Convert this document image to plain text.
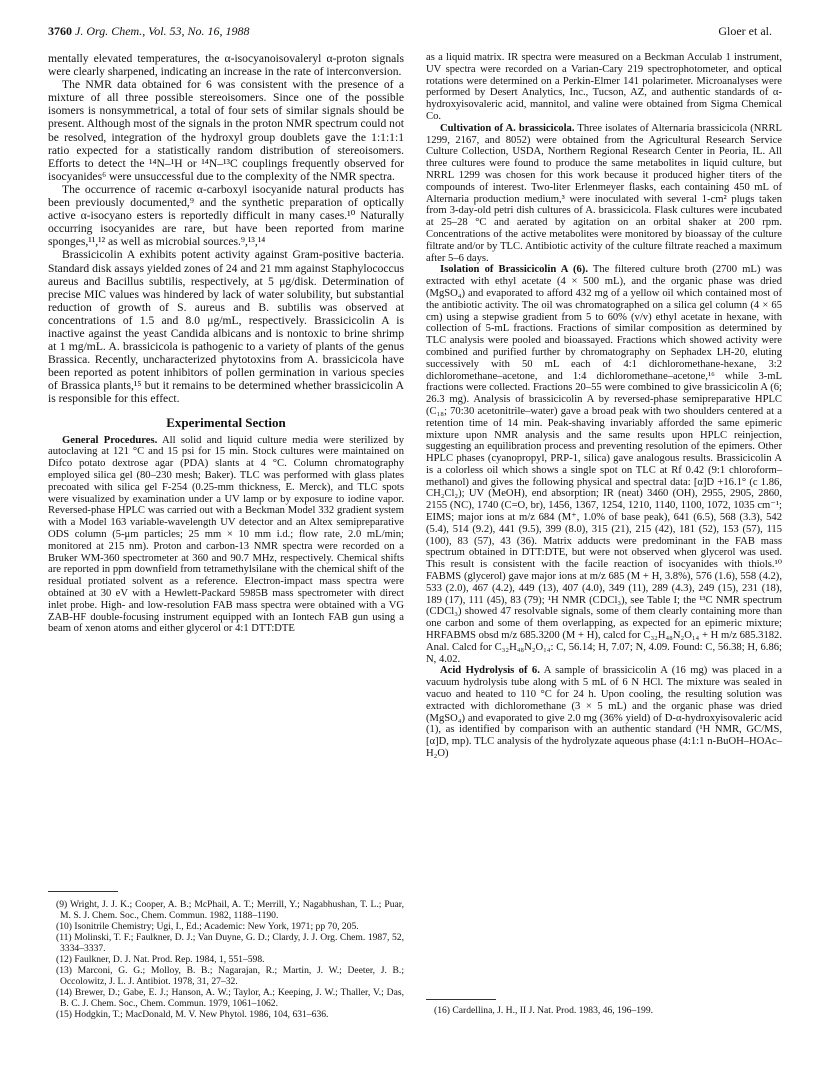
3760 J. Org. Chem., Vol. 53, No. 16, 1988	Gloer et al.

mentally elevated temperatures, the α-isocyanoisovaleryl α-proton signals were clearly sharpened, indicating an increase in the rate of interconversion.

The NMR data obtained for 6 was consistent with the presence of a mixture of all three possible stereoisomers. Since one of the possible isomers is nonsymmetrical, a total of four sets of similar signals should be present. Although most of the signals in the proton NMR spectrum could not be resolved, integration of the hydroxyl group doublets gave the 1:1:1:1 ratio expected for a statistically random distribution of stereoisomers. Efforts to detect the ¹⁴N–¹H or ¹⁴N–¹³C couplings frequently observed for isocyanides⁶ were unsuccessful due to the complexity of the NMR spectra.

The occurrence of racemic α-carboxyl isocyanide natural products has been previously documented,⁹ and the synthetic preparation of optically active α-isocyano esters is reportedly difficult in many cases.¹⁰ Naturally occurring isocyanides are rare, but have been reported from marine sponges,¹¹,¹² as well as microbial sources.⁹,¹³,¹⁴

Brassicicolin A exhibits potent activity against Gram-positive bacteria. Standard disk assays yielded zones of 24 and 21 mm against Staphylococcus aureus and Bacillus subtilis, respectively, at 5 μg/disk. Determination of precise MIC values was hindered by lack of water solubility, but substantial reduction of growth of S. aureus and B. subtilis was observed at concentrations of 1.5 and 8.0 μg/mL, respectively. Brassicicolin A is inactive against the yeast Candida albicans and is nontoxic to brine shrimp at 1 mg/mL. A. brassicicola is pathogenic to a variety of plants of the genus Brassica. Recently, uncharacterized phytotoxins from A. brassicicola have been reported as potent inhibitors of pollen germination in various species of Brassica plants,¹⁵ but it remains to be determined whether brassicicolin A is responsible for this effect.

Experimental Section

General Procedures. All solid and liquid culture media were sterilized by autoclaving at 121 °C and 15 psi for 15 min. Stock cultures were maintained on Difco potato dextrose agar (PDA) slants at 4 °C. Column chromatography employed silica gel (80–230 mesh; Baker). TLC was performed with glass plates precoated with silica gel F-254 (0.25-mm thickness, E. Merck), and TLC spots were visualized by examination under a UV lamp or by exposure to iodine vapor. Reversed-phase HPLC was carried out with a Beckman Model 332 gradient system with a Model 163 variable-wavelength UV detector and an Altex semipreparative ODS column (5-μm particles; 25 mm × 10 mm i.d.; flow rate, 2.0 mL/min; monitored at 215 nm). Proton and carbon-13 NMR spectra were recorded on a Bruker WM-360 spectrometer at 360 and 90.7 MHz, respectively. Chemical shifts are reported in ppm downfield from tetramethylsilane with the chemical shift of the residual protiated solvent as a reference. Electron-impact mass spectra were obtained at 30 eV with a Hewlett-Packard 5985B mass spectrometer with direct inlet probe. High- and low-resolution FAB mass spectra were obtained with a VG ZAB-HF double-focusing instrument equipped with an Iontech FAB gun using a beam of xenon atoms and either glycerol or 4:1 DTT:DTE

(9) Wright, J. J. K.; Cooper, A. B.; McPhail, A. T.; Merrill, Y.; Nagabhushan, T. L.; Puar, M. S. J. Chem. Soc., Chem. Commun. 1982, 1188–1190.

(10) Isonitrile Chemistry; Ugi, I., Ed.; Academic: New York, 1971; pp 70, 205.

(11) Molinski, T. F.; Faulkner, D. J.; Van Duyne, G. D.; Clardy, J. J. Org. Chem. 1987, 52, 3334–3337.

(12) Faulkner, D. J. Nat. Prod. Rep. 1984, 1, 551–598.

(13) Marconi, G. G.; Molloy, B. B.; Nagarajan, R.; Martin, J. W.; Deeter, J. B.; Occolowitz, J. L. J. Antibiot. 1978, 31, 27–32.

(14) Brewer, D.; Gabe, E. J.; Hanson, A. W.; Taylor, A.; Keeping, J. W.; Thaller, V.; Das, B. C. J. Chem. Soc., Chem. Commun. 1979, 1061–1062.

(15) Hodgkin, T.; MacDonald, M. V. New Phytol. 1986, 104, 631–636.

as a liquid matrix. IR spectra were measured on a Beckman Acculab 1 instrument, UV spectra were recorded on a Varian-Cary 219 spectrophotometer, and optical rotations were determined on a Perkin-Elmer 141 polarimeter. Microanalyses were performed by Desert Analytics, Inc., Tucson, AZ, and authentic standards of α-hydroxyisovaleric acid, mannitol, and valine were obtained from Sigma Chemical Co.

Cultivation of A. brassicicola. Three isolates of Alternaria brassicicola (NRRL 1299, 2167, and 8052) were obtained from the Agricultural Research Service Culture Collection, USDA, Northern Regional Research Center in Peoria, IL. All three cultures were found to produce the same metabolites in liquid culture, but NRRL 1299 was chosen for this work because it produced higher titers of the compounds of interest. Two-liter Erlenmeyer flasks, each containing 450 mL of Alternaria production medium,³ were inoculated with several 1-cm² plugs taken from 3-day-old petri dish cultures of A. brassicicola. Flask cultures were incubated at 25–28 °C and aerated by agitation on an orbital shaker at 200 rpm. Concentrations of the active metabolites were monitored by bioassay of the culture filtrate and/or by TLC. Antibiotic activity of the culture filtrate reached a maximum after 5–6 days.

Isolation of Brassicicolin A (6). The filtered culture broth (2700 mL) was extracted with ethyl acetate (4 × 500 mL), and the organic phase was dried (MgSO₄) and evaporated to afford 432 mg of a yellow oil which contained most of the antibiotic activity. The oil was chromatographed on a silica gel column (4 × 65 cm) using a stepwise gradient from 5 to 60% (v/v) ethyl acetate in hexane, with collection of 5-mL fractions. Fractions of similar composition as determined by TLC analysis were pooled and bioassayed. Fractions which showed activity were combined and purified further by chromatography on Sephadex LH-20, eluting successively with 50 mL each of 4:1 dichloromethane-hexane, 3:2 dichloromethane–acetone, and 1:4 dichloromethane–acetone,¹⁶ while 3-mL fractions were collected. Fractions 20–55 were combined to give brassicicolin A (6; 26.3 mg). Analysis of brassicicolin A by reversed-phase semipreparative HPLC (C₁₈; 70:30 acetonitrile–water) gave a broad peak with two shoulders centered at a retention time of 14 min. Peak-shaving invariably afforded the same epimeric mixture upon NMR analysis and the same results upon HPLC reinjection, suggesting an equilibration process and preventing resolution of the epimers. Other HPLC phases (cyanopropyl, PRP-1, silica) gave analogous results. Brassicicolin A is a colorless oil which shows a single spot on TLC at Rf 0.42 (9:1 chloroform–methanol) and gives the following physical and spectral data: [α]D +16.1° (c 1.86, CH₂Cl₂); UV (MeOH), end absorption; IR (neat) 3460 (OH), 2955, 2905, 2860, 2155 (NC), 1740 (C=O, br), 1456, 1367, 1254, 1210, 1140, 1100, 1072, 1035 cm⁻¹; EIMS; major ions at m/z 684 (M⁺, 1.0% of base peak), 641 (6.5), 568 (3.3), 542 (5.4), 514 (9.2), 441 (9.5), 399 (8.0), 315 (21), 215 (42), 181 (52), 153 (57), 115 (100), 83 (57), 43 (36). Matrix adducts were predominant in the FAB mass spectrum obtained in DTT:DTE, but were not observed when glycerol was used. This result is consistent with the facile reaction of isocyanides with thiols.¹⁰ FABMS (glycerol) gave major ions at m/z 685 (M + H, 3.8%), 576 (1.6), 558 (4.2), 533 (2.0), 467 (4.2), 449 (13), 407 (4.0), 349 (11), 289 (4.3), 249 (15), 231 (18), 189 (17), 111 (45), 83 (79); ¹H NMR (CDCl₃), see Table I; the ¹³C NMR spectrum (CDCl₃) showed 47 resolvable signals, some of them clearly containing more than one carbon and some of them overlapping, as expected for an epimeric mixture; HRFABMS obsd m/z 685.3200 (M + H), calcd for C₃₂H₄₈N₂O₁₄ + H m/z 685.3182. Anal. Calcd for C₃₂H₄₈N₂O₁₄: C, 56.14; H, 7.07; N, 4.09. Found: C, 56.38; H, 6.86; N, 4.02.

Acid Hydrolysis of 6. A sample of brassicicolin A (16 mg) was placed in a vacuum hydrolysis tube along with 5 mL of 6 N HCl. The mixture was sealed in vacuo and heated to 110 °C for 24 h. Upon cooling, the resulting solution was extracted with dichloromethane (3 × 5 mL) and the organic phase was dried (MgSO₄) and evaporated to give 2.0 mg (36% yield) of D-α-hydroxyisovaleric acid (1), as identified by comparison with an authentic standard (¹H NMR, GC/MS, [α]D, mp). TLC analysis of the hydrolyzate aqueous phase (4:1:1 n-BuOH–HOAc–H₂O)

(16) Cardellina, J. H., II J. Nat. Prod. 1983, 46, 196–199.
